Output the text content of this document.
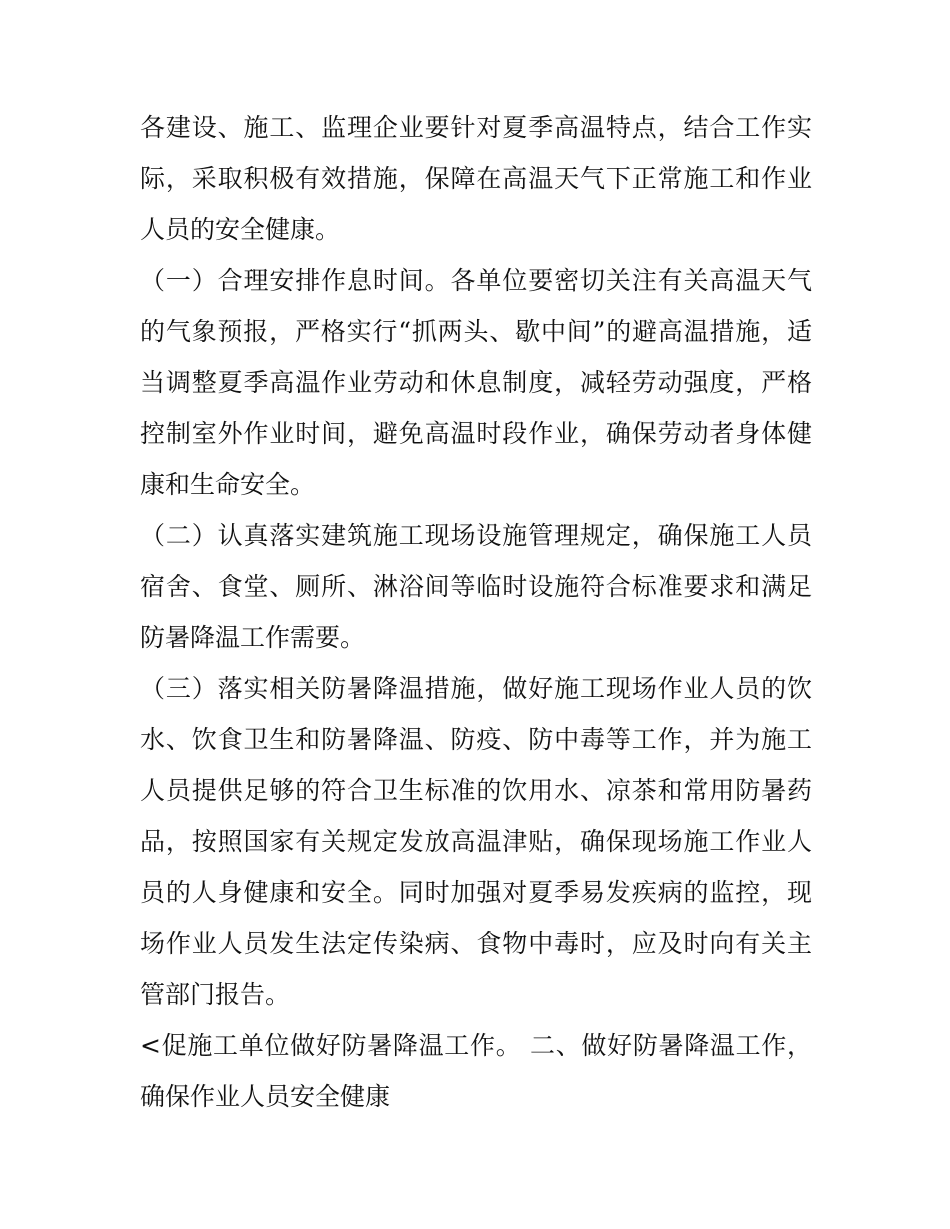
各建设、施工、监理企业要针对夏季高温特点，结合工作实际，采取积极有效措施，保障在高温天气下正常施工和作业人员的安全健康。

（一）合理安排作息时间。各单位要密切关注有关高温天气的气象预报，严格实行“抓两头、歇中间”的避高温措施，适当调整夏季高温作业劳动和休息制度，减轻劳动强度，严格控制室外作业时间，避免高温时段作业，确保劳动者身体健康和生命安全。

（二）认真落实建筑施工现场设施管理规定，确保施工人员宿舍、食堂、厕所、淋浴间等临时设施符合标准要求和满足防暑降温工作需要。

（三）落实相关防暑降温措施，做好施工现场作业人员的饮水、饮食卫生和防暑降温、防疫、防中毒等工作，并为施工人员提供足够的符合卫生标准的饮用水、凉茶和常用防暑药品，按照国家有关规定发放高温津贴，确保现场施工作业人员的人身健康和安全。同时加强对夏季易发疾病的监控，现场作业人员发生法定传染病、食物中毒时，应及时向有关主管部门报告。

<促施工单位做好防暑降温工作。 二、做好防暑降温工作，确保作业人员安全健康
